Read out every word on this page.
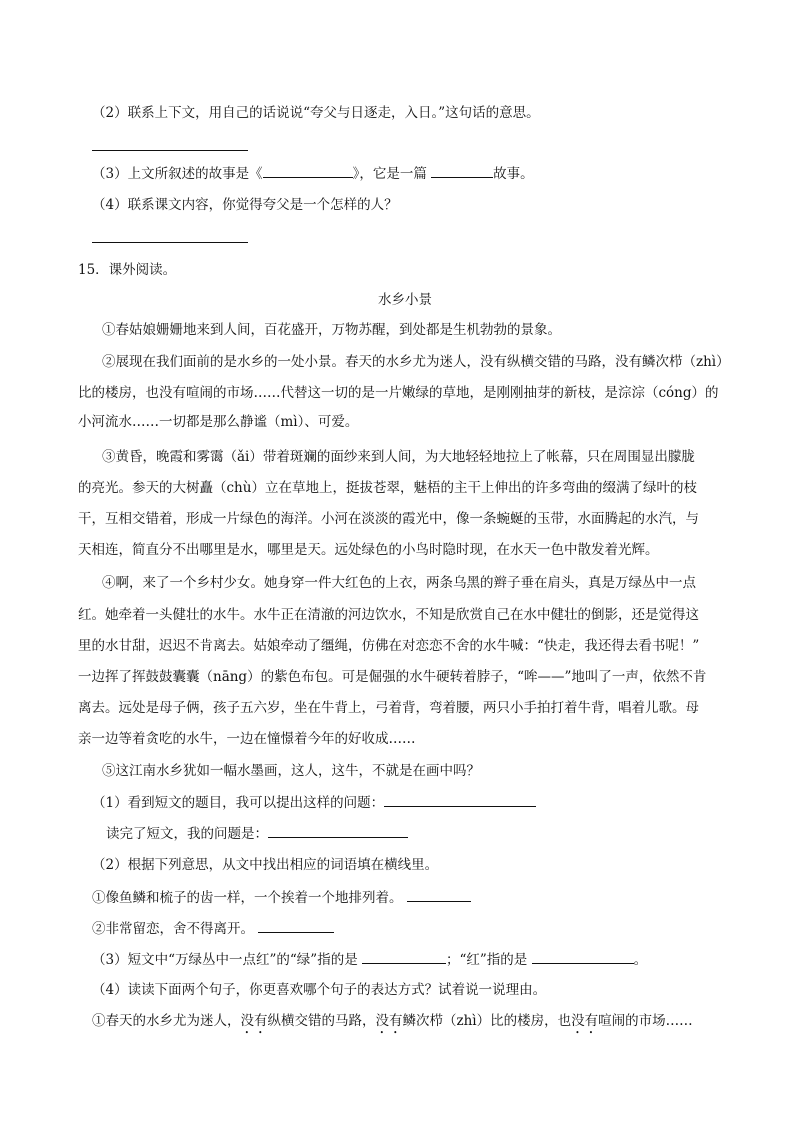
（2）联系上下文，用自己的话说说“夸父与日逐走，入日。”这句话的意思。
（3）上文所叙述的故事是《	》，它是一篇	故事。
（4）联系课文内容，你觉得夸父是一个怎样的人？
15．课外阅读。
水乡小景
①春姑娘姗姗地来到人间，百花盛开，万物苏醒，到处都是生机勃勃的景象。
②展现在我们面前的是水乡的一处小景。春天的水乡尤为迷人，没有纵横交错的马路，没有鳞次栉（zhì）
比的楼房，也没有喧闹的市场……代替这一切的是一片嫩绿的草地，是刚刚抽芽的新枝，是淙淙（cóng）的
小河流水……一切都是那么静谧（mì）、可爱。
③黄昏，晚霞和雾霭（ǎi）带着斑斓的面纱来到人间，为大地轻轻地拉上了帐幕，只在周围显出朦胧
的亮光。参天的大树矗（chù）立在草地上，挺拔苍翠，魅梧的主干上伸出的许多弯曲的缀满了绿叶的枝
干，互相交错着，形成一片绿色的海洋。小河在淡淡的霞光中，像一条蜿蜒的玉带，水面腾起的水汽，与
天相连，简直分不出哪里是水，哪里是天。远处绿色的小鸟时隐时现，在水天一色中散发着光辉。
④啊，来了一个乡村少女。她身穿一件大红色的上衣，两条乌黑的辫子垂在肩头，真是万绿丛中一点
红。她牵着一头健壮的水牛。水牛正在清澈的河边饮水，不知是欣赏自己在水中健壮的倒影，还是觉得这
里的水甘甜，迟迟不肯离去。姑娘牵动了缰绳，仿佛在对恋恋不舍的水牛喊：“快走，我还得去看书呢！”
一边挥了挥鼓鼓囊囊（nāng）的紫色布包。可是倔强的水牛硬转着脖子，“哞——”地叫了一声，依然不肯
离去。远处是母子俩，孩子五六岁，坐在牛背上，弓着背，弯着腰，两只小手拍打着牛背，唱着儿歌。母
亲一边等着贪吃的水牛，一边在憧憬着今年的好收成……
⑤这江南水乡犹如一幅水墨画，这人，这牛，不就是在画中吗？
（1）看到短文的题目，我可以提出这样的问题：
读完了短文，我的问题是：
（2）根据下列意思，从文中找出相应的词语填在横线里。
①像鱼鳞和梳子的齿一样，一个挨着一个地排列着。
②非常留恋，舍不得离开。
（3）短文中“万绿丛中一点红”的“绿”指的是	；“红”指的是	。
（4）读读下面两个句子，你更喜欢哪个句子的表达方式？试着说一说理由。
①春天的水乡尤为迷人，没有纵横交错的马路，没有鳞次栉（zhì）比的楼房，也没有喧闹的市场……
